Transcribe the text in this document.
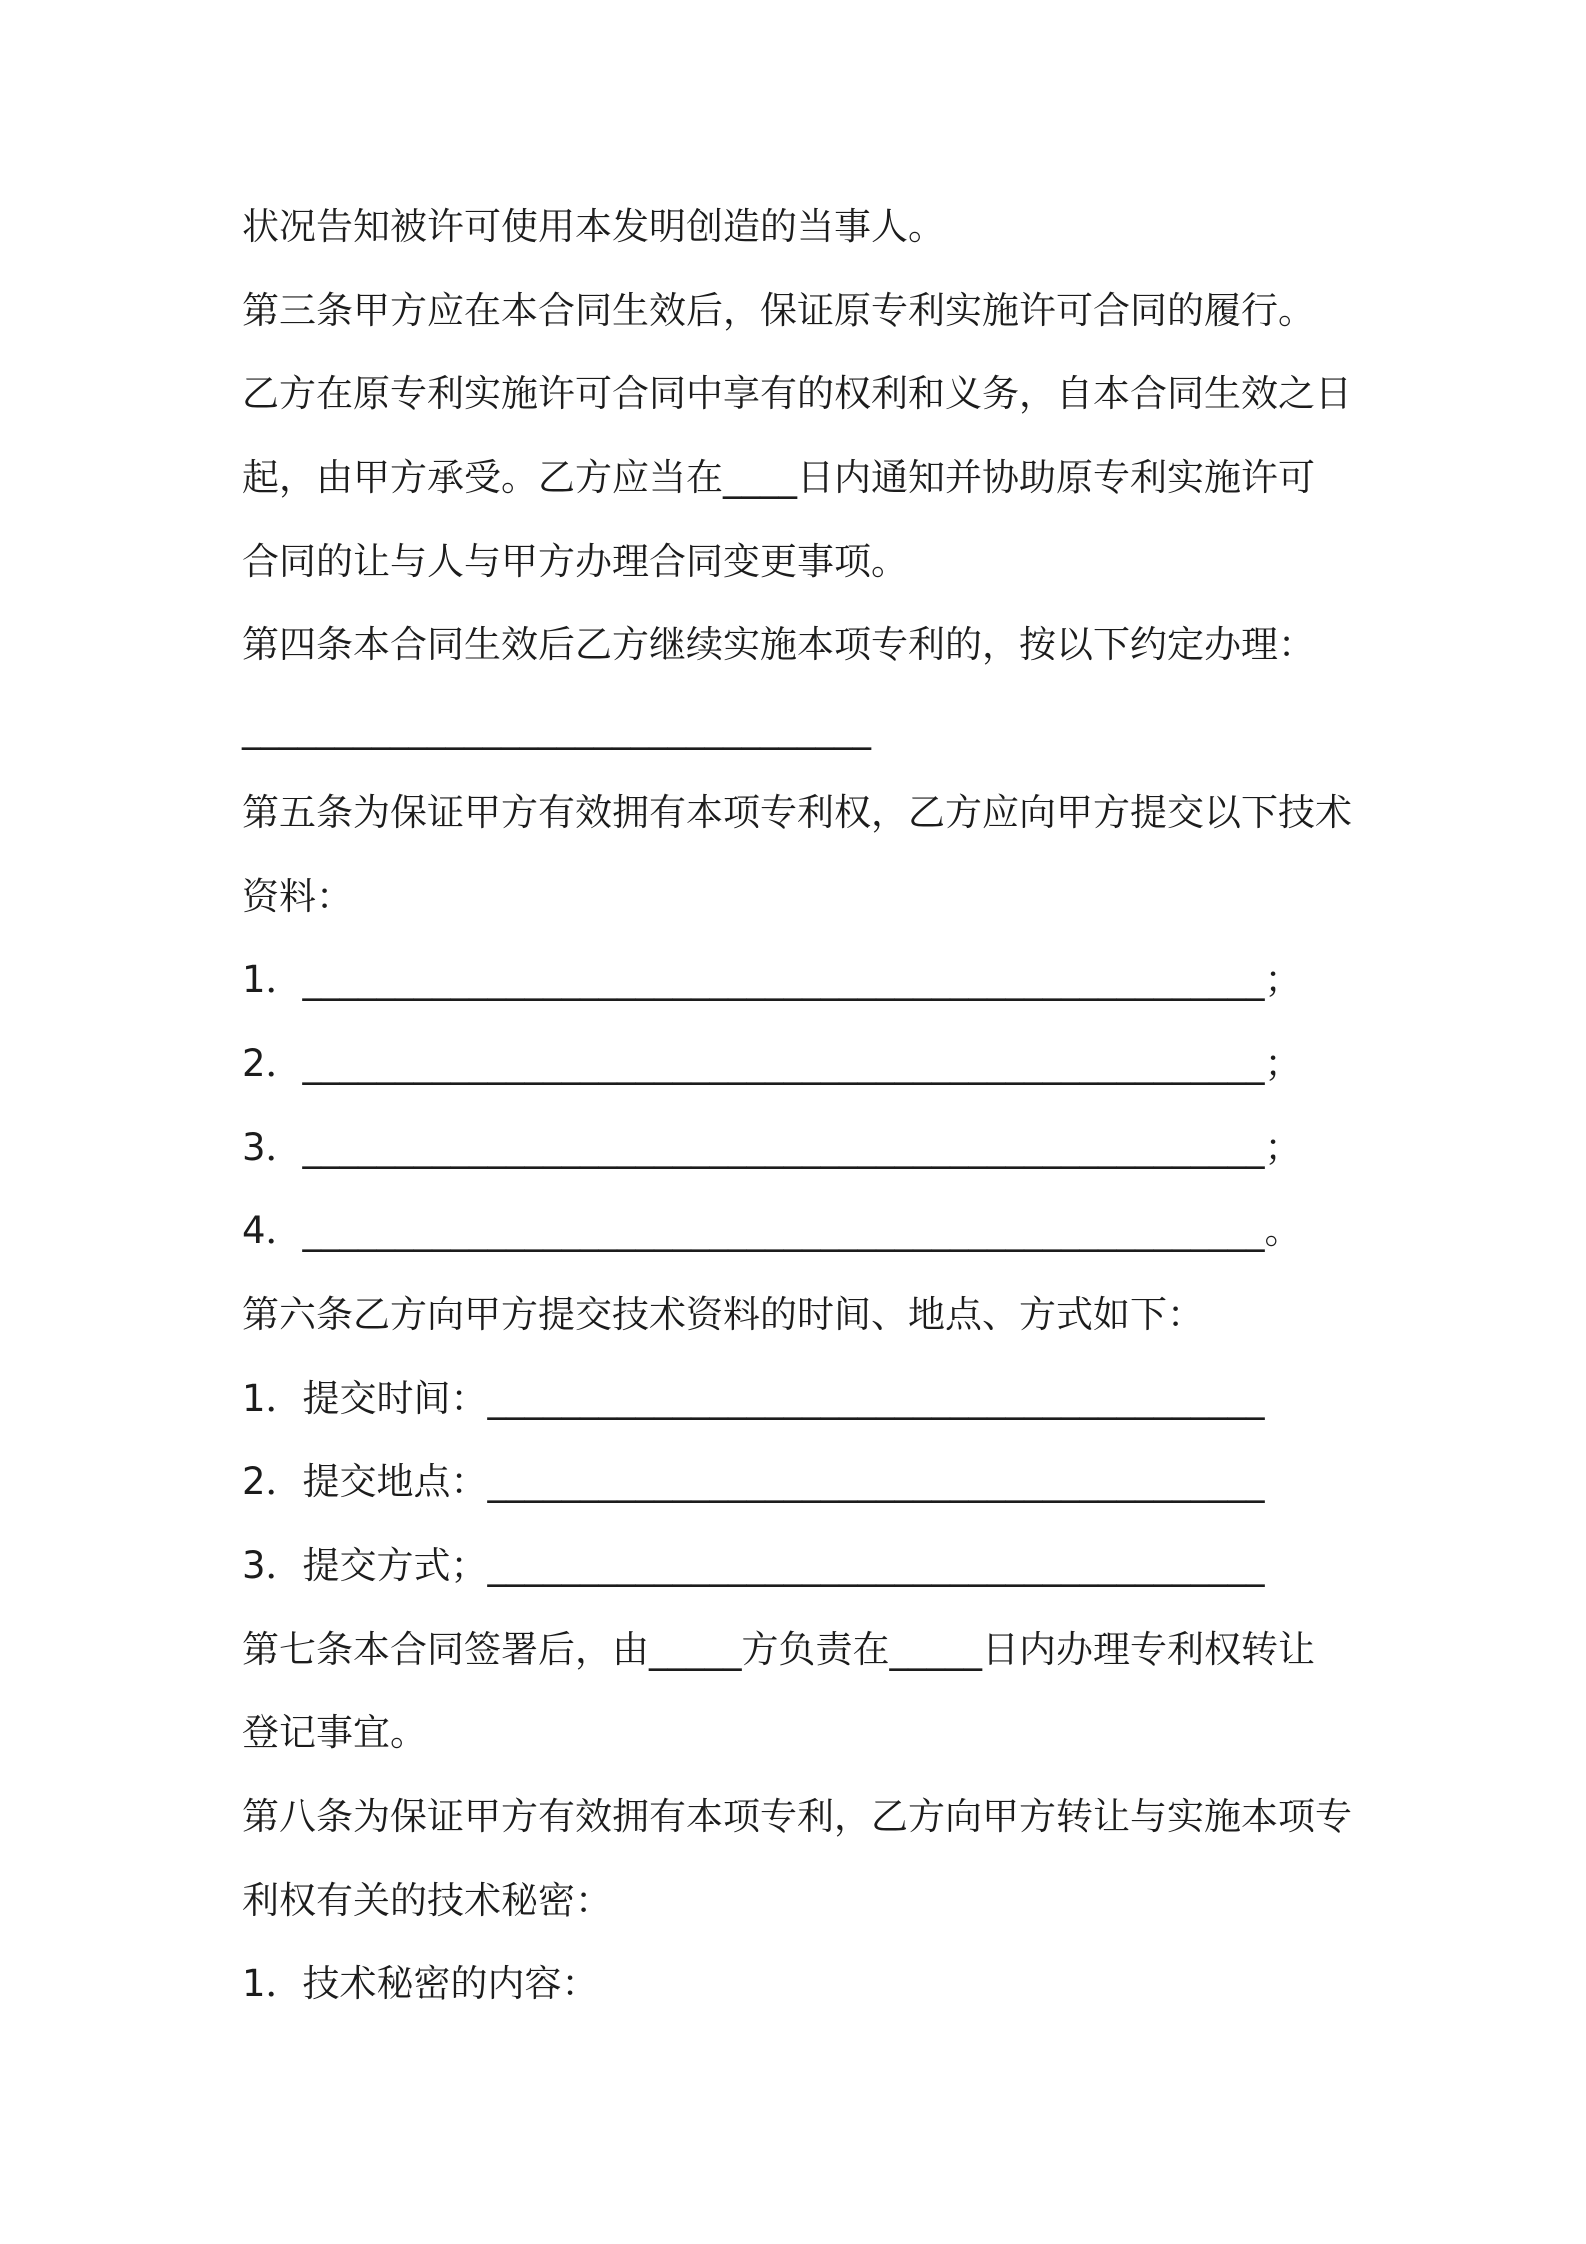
状况告知被许可使用本发明创造的当事人。
第三条甲方应在本合同生效后，保证原专利实施许可合同的履行。
乙方在原专利实施许可合同中享有的权利和义务，自本合同生效之日
起，由甲方承受。乙方应当在____日内通知并协助原专利实施许可
合同的让与人与甲方办理合同变更事项。
第四条本合同生效后乙方继续实施本项专利的，按以下约定办理：
__________________________________
第五条为保证甲方有效拥有本项专利权，乙方应向甲方提交以下技术
资料：
1．____________________________________________________；
2．____________________________________________________；
3．____________________________________________________；
4．____________________________________________________。
第六条乙方向甲方提交技术资料的时间、地点、方式如下：
1．提交时间：__________________________________________
2．提交地点：__________________________________________
3．提交方式；__________________________________________
第七条本合同签署后，由_____方负责在_____日内办理专利权转让
登记事宜。
第八条为保证甲方有效拥有本项专利，乙方向甲方转让与实施本项专
利权有关的技术秘密：
1．技术秘密的内容：
